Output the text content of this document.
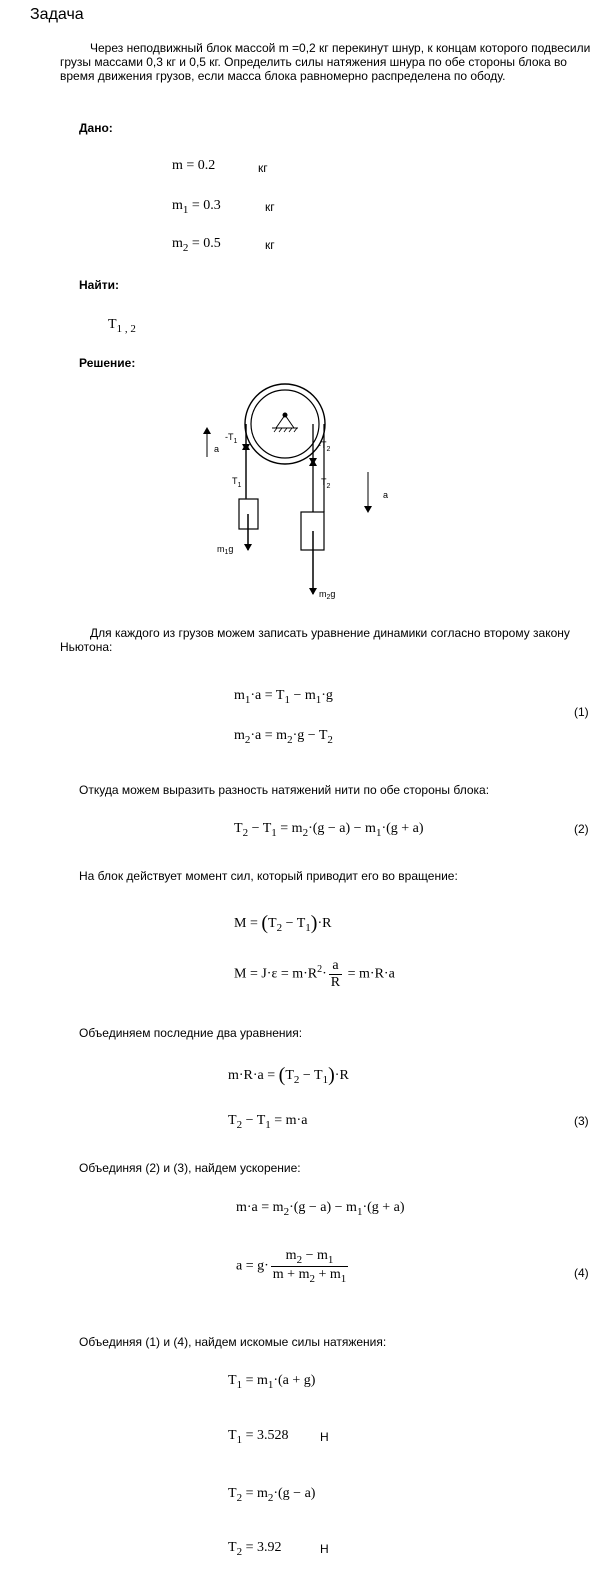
Задача
Через неподвижный блок массой m =0,2 кг перекинут шнур, к концам которого подвесили грузы массами 0,3 кг и 0,5 кг. Определить силы натяжения шнура по обе стороны блока во время движения грузов, если масса блока равномерно распределена по ободу.
Дано:
m = 0.2	кг
$m_1 = 0.3$	кг
$m_2 = 0.5$	кг
Найти:
$T_{1 , 2}$
Решение:
$-T_1$	$-T_2$
$T_1$	$T_2$
a
a
$m_1g$
$m_2g$
Для каждого из грузов можем записать уравнение динамики согласно второму закону Ньютона:
$m_1\cdot a = T_1 - m_1\cdot g$
$m_2\cdot a = m_2\cdot g - T_2$
(1)
Откуда можем выразить разность натяжений нити по обе стороны блока:
$T_2 - T_1 = m_2\cdot(g - a) - m_1\cdot(g + a)$	(2)
На блок действует момент сил, который приводит его во вращение:
$M = (T_2 - T_1)\cdot R$
$M = J\cdot\varepsilon = m\cdot R^2\cdot \frac{a}{R} = m\cdot R\cdot a$
Объединяем последние два уравнения:
$m\cdot R\cdot a = (T_2 - T_1)\cdot R$
$T_2 - T_1 = m\cdot a$	(3)
Объединяя (2) и (3), найдем ускорение:
$m\cdot a = m_2\cdot(g - a) - m_1\cdot(g + a)$
$a = g\cdot \frac{m_2 - m_1}{m + m_2 + m_1}$	(4)
Объединяя (1) и (4), найдем искомые силы натяжения:
$T_1 = m_1\cdot(a + g)$
$T_1 = 3.528$	Н
$T_2 = m_2\cdot(g - a)$
$T_2 = 3.92$	Н
